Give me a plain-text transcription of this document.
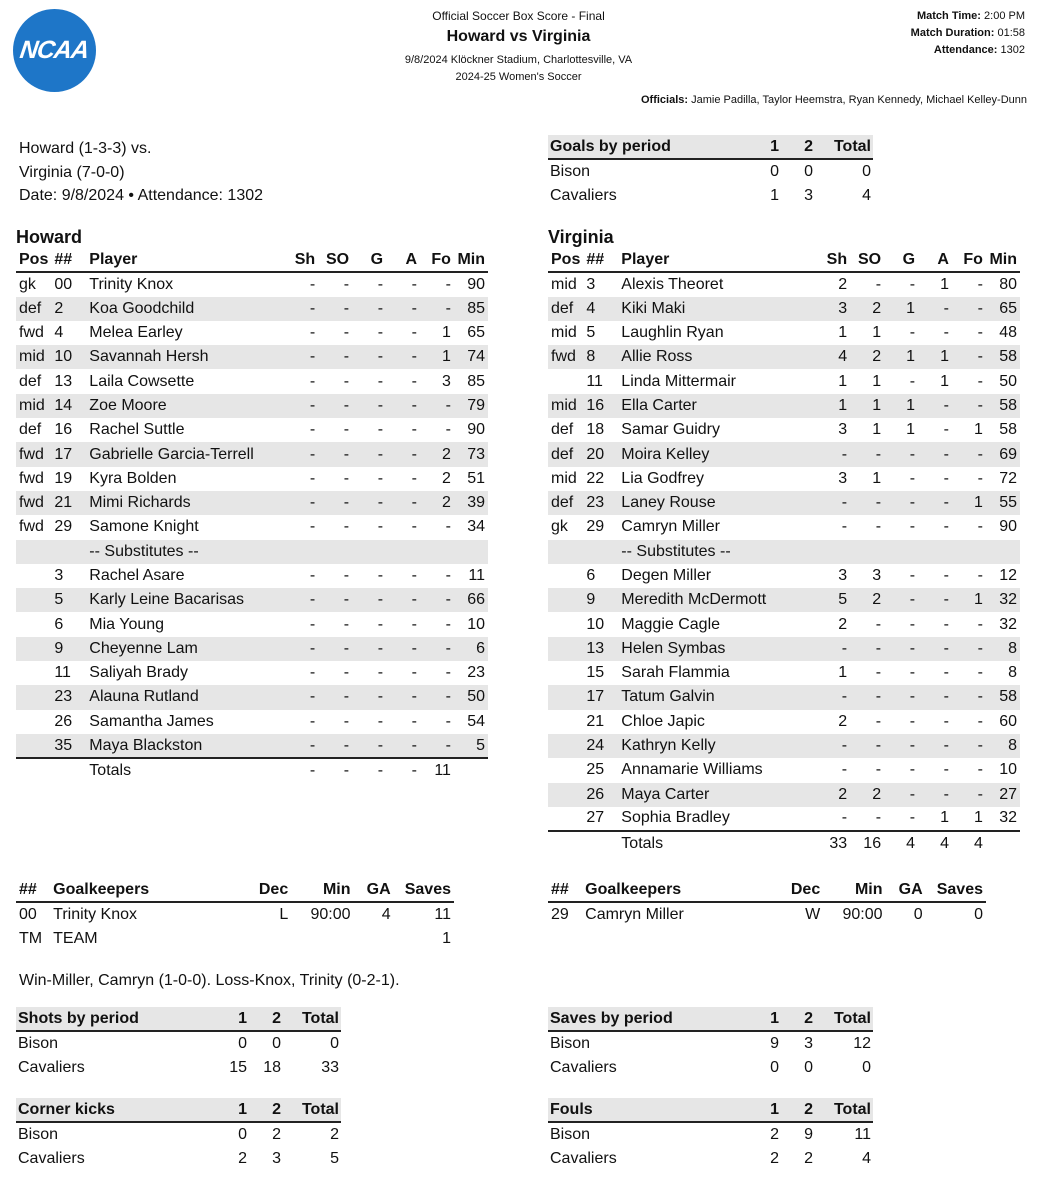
NCAA
Official Soccer Box Score - Final
Howard vs Virginia
9/8/2024 Klöckner Stadium, Charlottesville, VA
2024-25 Women's Soccer
Match Time: 2:00 PM
Match Duration: 01:58
Attendance: 1302
Officials: Jamie Padilla, Taylor Heemstra, Ryan Kennedy, Michael Kelley-Dunn
Howard (1-3-3) vs.
Virginia (7-0-0)
Date: 9/8/2024 • Attendance: 1302
Goals by period	1	2	Total
Bison	0	0	0
Cavaliers	1	3	4
Howard
Pos	##	Player	Sh	SO	G	A	Fo	Min
gk	00	Trinity Knox	-	-	-	-	-	90
def	2	Koa Goodchild	-	-	-	-	-	85
fwd	4	Melea Earley	-	-	-	-	1	65
mid	10	Savannah Hersh	-	-	-	-	1	74
def	13	Laila Cowsette	-	-	-	-	3	85
mid	14	Zoe Moore	-	-	-	-	-	79
def	16	Rachel Suttle	-	-	-	-	-	90
fwd	17	Gabrielle Garcia-Terrell	-	-	-	-	2	73
fwd	19	Kyra Bolden	-	-	-	-	2	51
fwd	21	Mimi Richards	-	-	-	-	2	39
fwd	29	Samone Knight	-	-	-	-	-	34
		-- Substitutes --						
	3	Rachel Asare	-	-	-	-	-	11
	5	Karly Leine Bacarisas	-	-	-	-	-	66
	6	Mia Young	-	-	-	-	-	10
	9	Cheyenne Lam	-	-	-	-	-	6
	11	Saliyah Brady	-	-	-	-	-	23
	23	Alauna Rutland	-	-	-	-	-	50
	26	Samantha James	-	-	-	-	-	54
	35	Maya Blackston	-	-	-	-	-	5
		Totals	-	-	-	-	11	
Virginia
Pos	##	Player	Sh	SO	G	A	Fo	Min
mid	3	Alexis Theoret	2	-	-	1	-	80
def	4	Kiki Maki	3	2	1	-	-	65
mid	5	Laughlin Ryan	1	1	-	-	-	48
fwd	8	Allie Ross	4	2	1	1	-	58
	11	Linda Mittermair	1	1	-	1	-	50
mid	16	Ella Carter	1	1	1	-	-	58
def	18	Samar Guidry	3	1	1	-	1	58
def	20	Moira Kelley	-	-	-	-	-	69
mid	22	Lia Godfrey	3	1	-	-	-	72
def	23	Laney Rouse	-	-	-	-	1	55
gk	29	Camryn Miller	-	-	-	-	-	90
		-- Substitutes --						
	6	Degen Miller	3	3	-	-	-	12
	9	Meredith McDermott	5	2	-	-	1	32
	10	Maggie Cagle	2	-	-	-	-	32
	13	Helen Symbas	-	-	-	-	-	8
	15	Sarah Flammia	1	-	-	-	-	8
	17	Tatum Galvin	-	-	-	-	-	58
	21	Chloe Japic	2	-	-	-	-	60
	24	Kathryn Kelly	-	-	-	-	-	8
	25	Annamarie Williams	-	-	-	-	-	10
	26	Maya Carter	2	2	-	-	-	27
	27	Sophia Bradley	-	-	-	1	1	32
		Totals	33	16	4	4	4	
##	Goalkeepers	Dec	Min	GA	Saves
00	Trinity Knox	L	90:00	4	11
TM	TEAM				1
##	Goalkeepers	Dec	Min	GA	Saves
29	Camryn Miller	W	90:00	0	0
Win-Miller, Camryn (1-0-0). Loss-Knox, Trinity (0-2-1).
Shots by period	1	2	Total
Bison	0	0	0
Cavaliers	15	18	33
Corner kicks	1	2	Total
Bison	0	2	2
Cavaliers	2	3	5
Saves by period	1	2	Total
Bison	9	3	12
Cavaliers	0	0	0
Fouls	1	2	Total
Bison	2	9	11
Cavaliers	2	2	4
